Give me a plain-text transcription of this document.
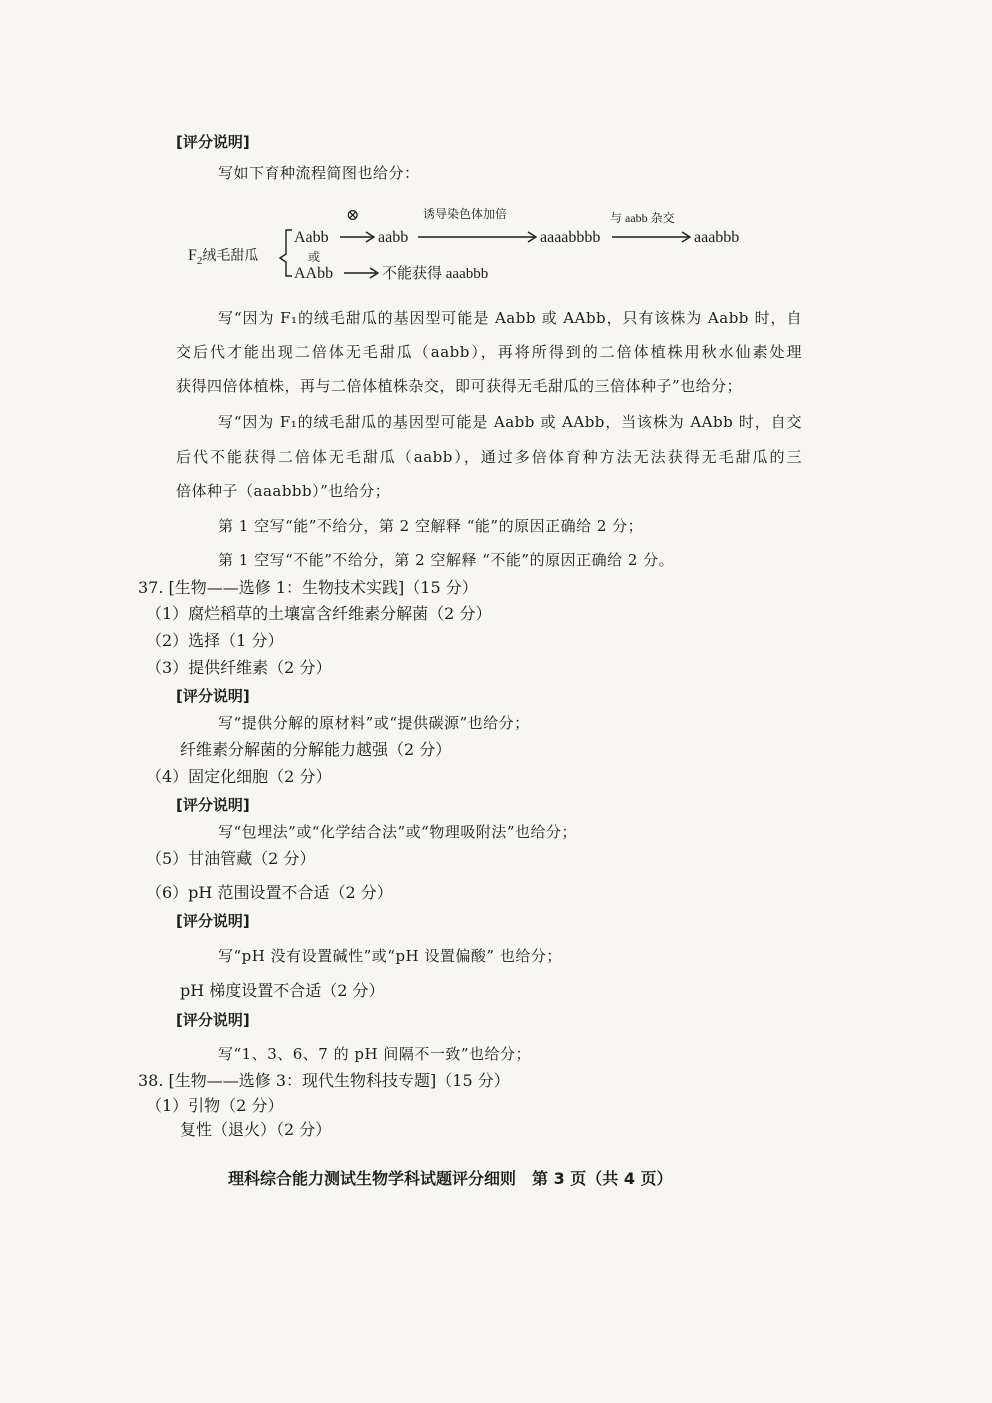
[评分说明]
写如下育种流程简图也给分：
$F_2$绒毛甜瓜
Aabb
⊗
aabb
诱导染色体加倍
aaaabbbb
与 aabb 杂交
aaabbb
或
AAbb	不能获得 aaabbb
写“因为 F₁的绒毛甜瓜的基因型可能是 Aabb 或 AAbb，只有该株为 Aabb 时，自
交后代才能出现二倍体无毛甜瓜（aabb），再将所得到的二倍体植株用秋水仙素处理
获得四倍体植株，再与二倍体植株杂交，即可获得无毛甜瓜的三倍体种子”也给分；
写“因为 F₁的绒毛甜瓜的基因型可能是 Aabb 或 AAbb，当该株为 AAbb 时，自交
后代不能获得二倍体无毛甜瓜（aabb），通过多倍体育种方法无法获得无毛甜瓜的三
倍体种子（aaabbb）”也给分；
第 1 空写“能”不给分，第 2 空解释 “能”的原因正确给 2 分；
第 1 空写“不能”不给分，第 2 空解释 “不能”的原因正确给 2 分。
37. [生物——选修 1：生物技术实践]（15 分）
（1）腐烂稻草的土壤富含纤维素分解菌（2 分）
（2）选择（1 分）
（3）提供纤维素（2 分）
[评分说明]
写“提供分解的原材料”或“提供碳源”也给分；
纤维素分解菌的分解能力越强（2 分）
（4）固定化细胞（2 分）
[评分说明]
写“包埋法”或“化学结合法”或“物理吸附法”也给分；
（5）甘油管藏（2 分）
（6）pH 范围设置不合适（2 分）
[评分说明]
写“pH 没有设置碱性”或“pH 设置偏酸” 也给分；
pH 梯度设置不合适（2 分）
[评分说明]
写“1、3、6、7 的 pH 间隔不一致”也给分；
38. [生物——选修 3：现代生物科技专题]（15 分）
（1）引物（2 分）
复性（退火）（2 分）
理科综合能力测试生物学科试题评分细则　第 3 页（共 4 页）
